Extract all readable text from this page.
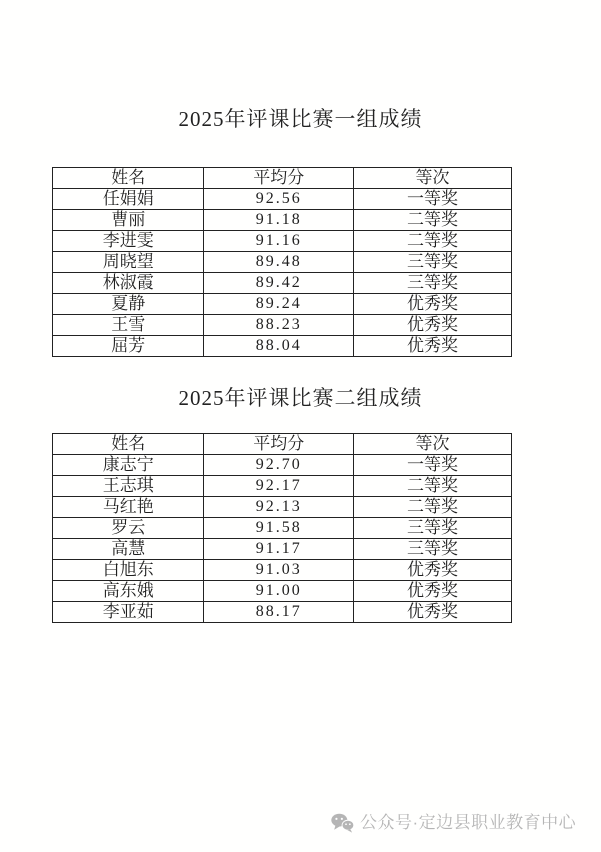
2025年评课比赛一组成绩
姓名	平均分	等次
任娟娟	92.56	一等奖
曹丽	91.18	二等奖
李进雯	91.16	二等奖
周晓望	89.48	三等奖
林淑霞	89.42	三等奖
夏静	89.24	优秀奖
王雪	88.23	优秀奖
屈芳	88.04	优秀奖
2025年评课比赛二组成绩
姓名	平均分	等次
康志宁	92.70	一等奖
王志琪	92.17	二等奖
马红艳	92.13	二等奖
罗云	91.58	三等奖
高慧	91.17	三等奖
白旭东	91.03	优秀奖
高东娥	91.00	优秀奖
李亚茹	88.17	优秀奖
公众号·定边县职业教育中心
